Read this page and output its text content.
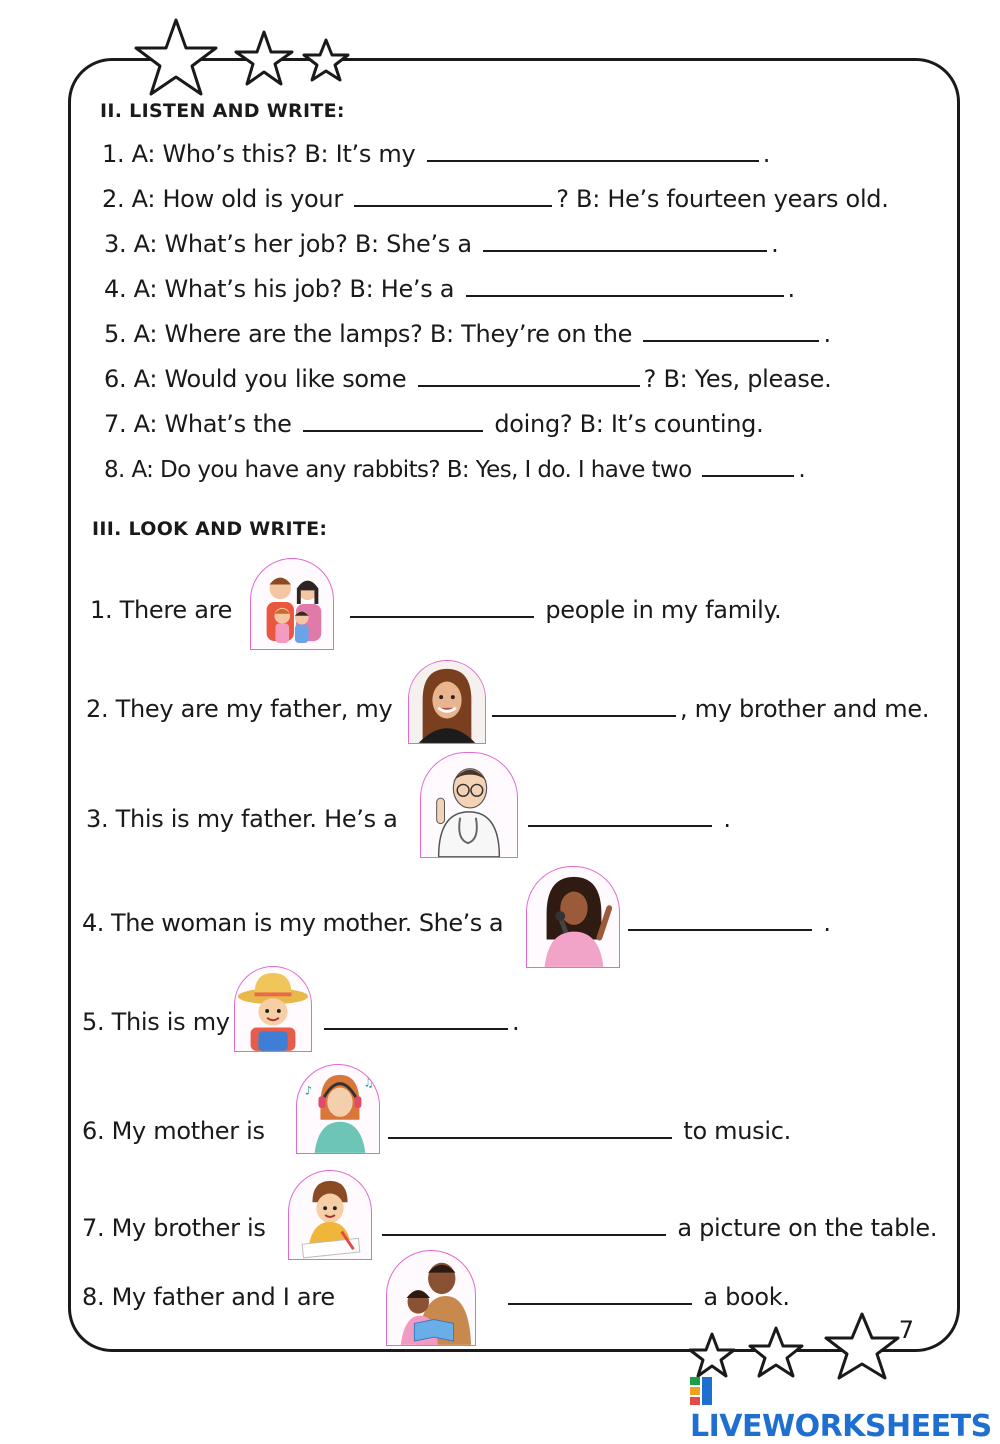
II. LISTEN AND WRITE:
1. A: Who’s this? B: It’s my	.
2. A: How old is your	? B: He’s fourteen years old.
3. A: What’s her job? B: She’s a	.
4. A: What’s his job? B: He’s a	.
5. A: Where are the lamps? B: They’re on the	.
6. A: Would you like some	? B: Yes, please.
7. A: What’s the	doing? B: It’s counting.
8. A: Do you have any rabbits? B: Yes, I do. I have two	.
III. LOOK AND WRITE:
1. There are	people in my family.
2. They are my father, my	, my brother and me.
3. This is my father. He’s a	.
4. The woman is my mother. She’s a	.
5. This is my	.
6. My mother is
♪
♫
to music.
7. My brother is	a picture on the table.
8. My father and I are	a book.
7
LIVEWORKSHEETS
